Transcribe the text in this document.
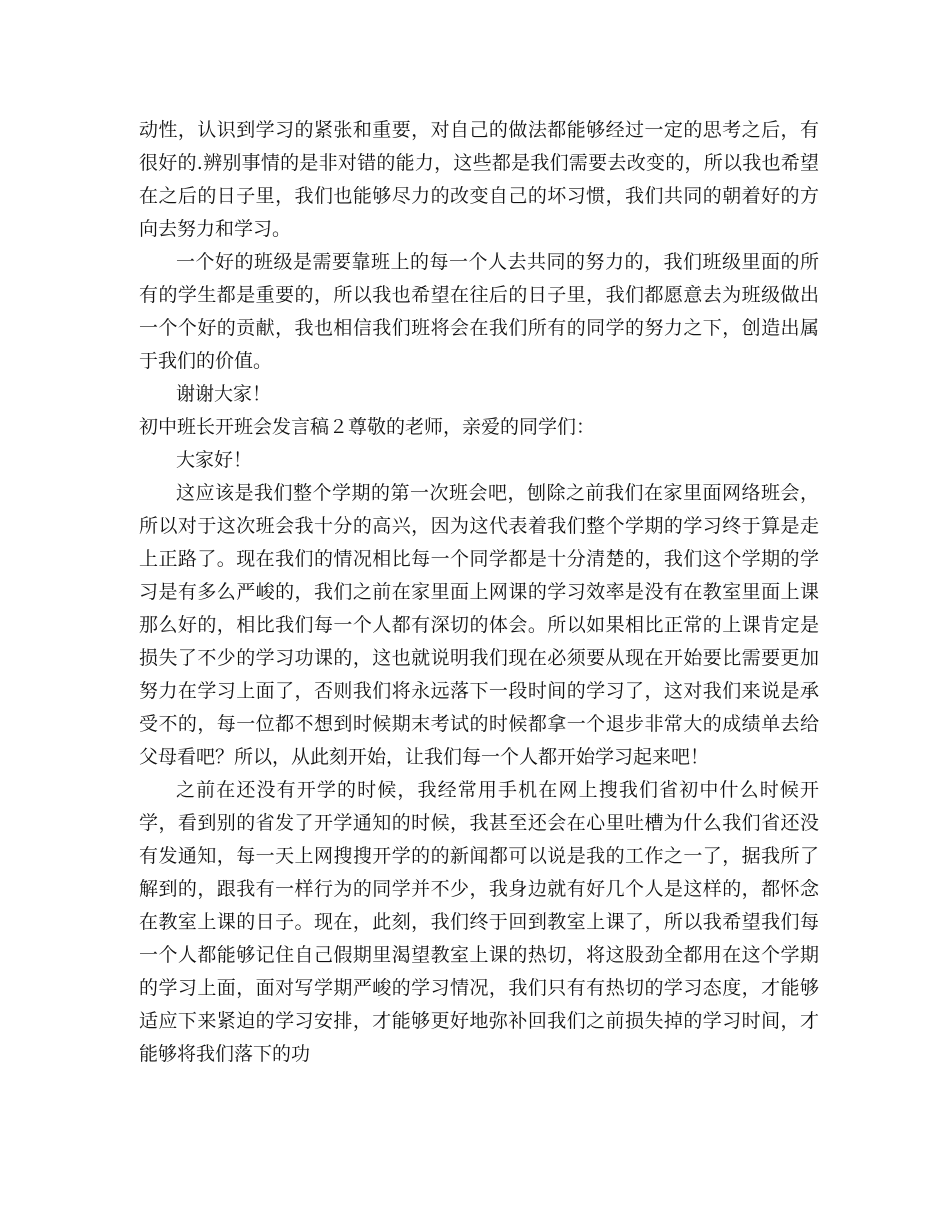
动性，认识到学习的紧张和重要，对自己的做法都能够经过一定的思考之后，有很好的.辨别事情的是非对错的能力，这些都是我们需要去改变的，所以我也希望在之后的日子里，我们也能够尽力的改变自己的坏习惯，我们共同的朝着好的方向去努力和学习。

一个好的班级是需要靠班上的每一个人去共同的努力的，我们班级里面的所有的学生都是重要的，所以我也希望在往后的日子里，我们都愿意去为班级做出一个个好的贡献，我也相信我们班将会在我们所有的同学的努力之下，创造出属于我们的价值。

谢谢大家！

初中班长开班会发言稿２尊敬的老师，亲爱的同学们：

大家好！

这应该是我们整个学期的第一次班会吧，刨除之前我们在家里面网络班会，所以对于这次班会我十分的高兴，因为这代表着我们整个学期的学习终于算是走上正路了。现在我们的情况相比每一个同学都是十分清楚的，我们这个学期的学习是有多么严峻的，我们之前在家里面上网课的学习效率是没有在教室里面上课那么好的，相比我们每一个人都有深切的体会。所以如果相比正常的上课肯定是损失了不少的学习功课的，这也就说明我们现在必须要从现在开始要比需要更加努力在学习上面了，否则我们将永远落下一段时间的学习了，这对我们来说是承受不的，每一位都不想到时候期末考试的时候都拿一个退步非常大的成绩单去给父母看吧？所以，从此刻开始，让我们每一个人都开始学习起来吧！

之前在还没有开学的时候，我经常用手机在网上搜我们省初中什么时候开学，看到别的省发了开学通知的时候，我甚至还会在心里吐槽为什么我们省还没有发通知，每一天上网搜搜开学的的新闻都可以说是我的工作之一了，据我所了解到的，跟我有一样行为的同学并不少，我身边就有好几个人是这样的，都怀念在教室上课的日子。现在，此刻，我们终于回到教室上课了，所以我希望我们每一个人都能够记住自己假期里渴望教室上课的热切，将这股劲全都用在这个学期的学习上面，面对写学期严峻的学习情况，我们只有有热切的学习态度，才能够适应下来紧迫的学习安排，才能够更好地弥补回我们之前损失掉的学习时间，才能够将我们落下的功
